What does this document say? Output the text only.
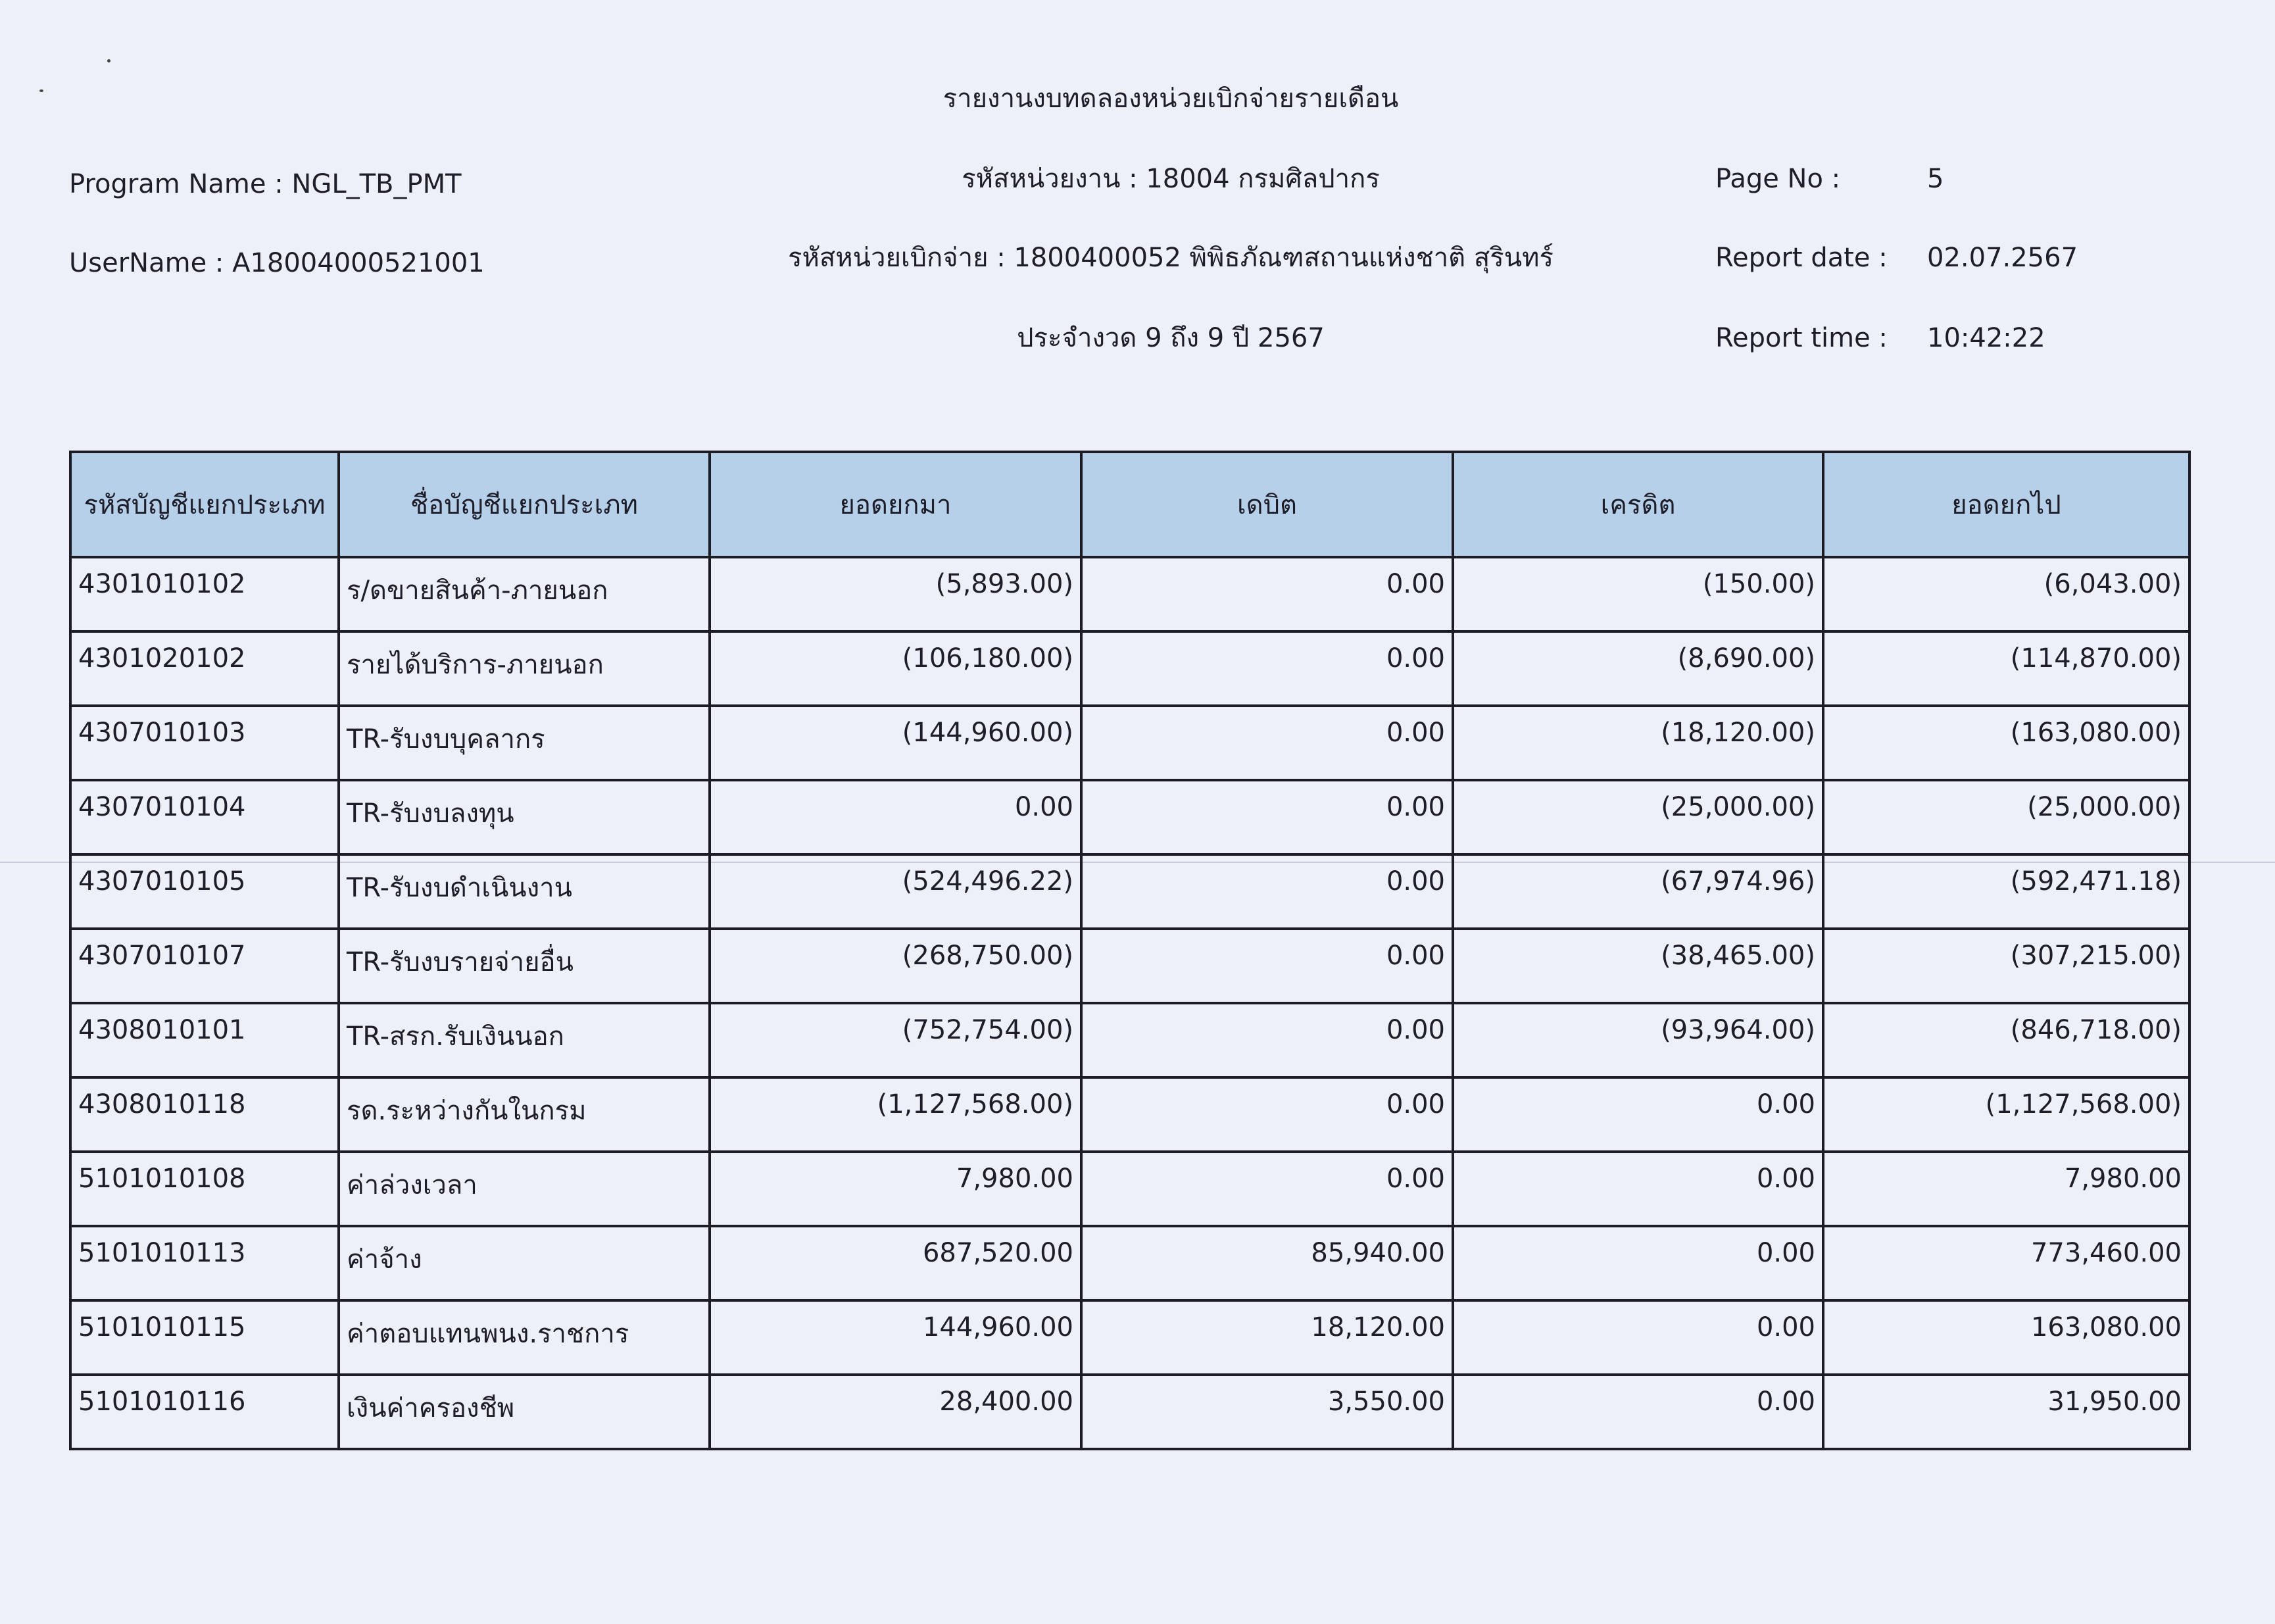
รายงานงบทดลองหน่วยเบิกจ่ายรายเดือน
Program Name : NGL_TB_PMT	รหัสหน่วยงาน : 18004 กรมศิลปากร	Page No :	5
UserName : A18004000521001	รหัสหน่วยเบิกจ่าย : 1800400052 พิพิธภัณฑสถานแห่งชาติ สุรินทร์	Report date : 02.07.2567
ประจำงวด 9 ถึง 9 ปี 2567	Report time : 10:42:22
รหัสบัญชีแยกประเภท	ชื่อบัญชีแยกประเภท	ยอดยกมา	เดบิต	เครดิต	ยอดยกไป
4301010102	ร/ดขายสินค้า-ภายนอก	(5,893.00)	0.00	(150.00)	(6,043.00)
4301020102	รายได้บริการ-ภายนอก	(106,180.00)	0.00	(8,690.00)	(114,870.00)
4307010103	TR-รับงบบุคลากร	(144,960.00)	0.00	(18,120.00)	(163,080.00)
4307010104	TR-รับงบลงทุน	0.00	0.00	(25,000.00)	(25,000.00)
4307010105	TR-รับงบดำเนินงาน	(524,496.22)	0.00	(67,974.96)	(592,471.18)
4307010107	TR-รับงบรายจ่ายอื่น	(268,750.00)	0.00	(38,465.00)	(307,215.00)
4308010101	TR-สรก.รับเงินนอก	(752,754.00)	0.00	(93,964.00)	(846,718.00)
4308010118	รด.ระหว่างกันในกรม	(1,127,568.00)	0.00	0.00	(1,127,568.00)
5101010108	ค่าล่วงเวลา	7,980.00	0.00	0.00	7,980.00
5101010113	ค่าจ้าง	687,520.00	85,940.00	0.00	773,460.00
5101010115	ค่าตอบแทนพนง.ราชการ	144,960.00	18,120.00	0.00	163,080.00
5101010116	เงินค่าครองชีพ	28,400.00	3,550.00	0.00	31,950.00
